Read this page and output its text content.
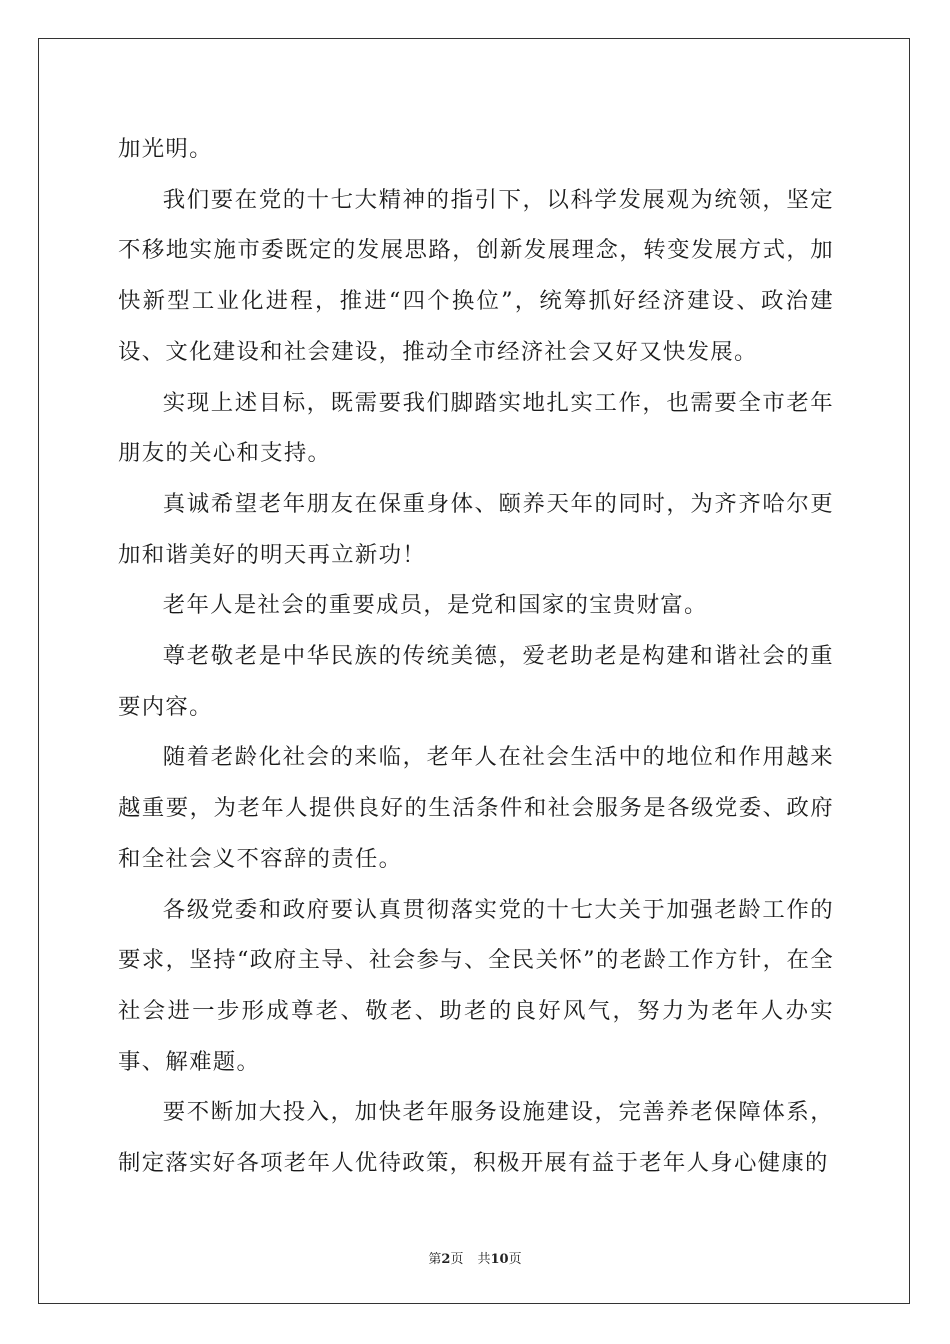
加光明。

我们要在党的十七大精神的指引下，以科学发展观为统领，坚定不移地实施市委既定的发展思路，创新发展理念，转变发展方式，加快新型工业化进程，推进“四个换位”，统筹抓好经济建设、政治建设、文化建设和社会建设，推动全市经济社会又好又快发展。

实现上述目标，既需要我们脚踏实地扎实工作，也需要全市老年朋友的关心和支持。

真诚希望老年朋友在保重身体、颐养天年的同时，为齐齐哈尔更加和谐美好的明天再立新功！

老年人是社会的重要成员，是党和国家的宝贵财富。

尊老敬老是中华民族的传统美德，爱老助老是构建和谐社会的重要内容。

随着老龄化社会的来临，老年人在社会生活中的地位和作用越来越重要，为老年人提供良好的生活条件和社会服务是各级党委、政府和全社会义不容辞的责任。

各级党委和政府要认真贯彻落实党的十七大关于加强老龄工作的要求，坚持“政府主导、社会参与、全民关怀”的老龄工作方针，在全社会进一步形成尊老、敬老、助老的良好风气，努力为老年人办实事、解难题。

要不断加大投入，加快老年服务设施建设，完善养老保障体系，制定落实好各项老年人优待政策，积极开展有益于老年人身心健康的

第2页 共10页
